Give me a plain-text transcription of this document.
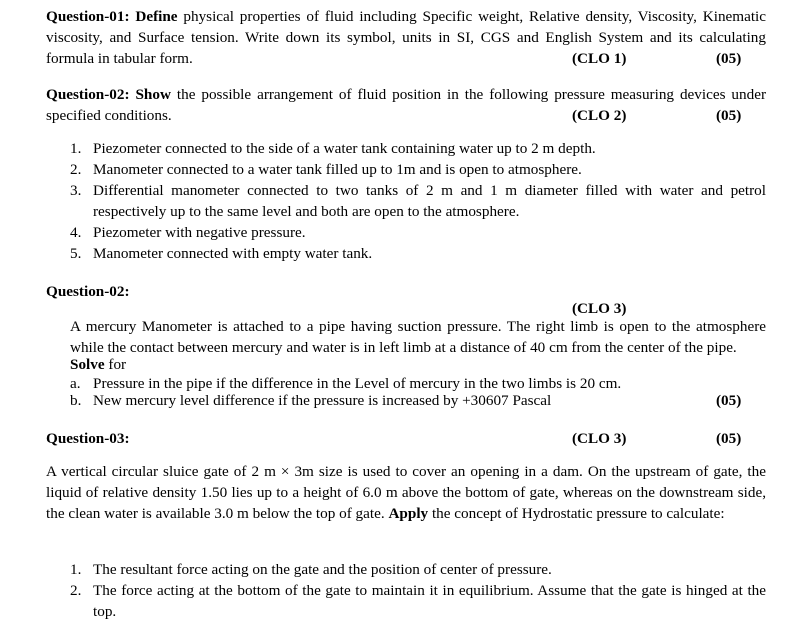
Question-01: Define physical properties of fluid including Specific weight, Relative density, Viscosity, Kinematic viscosity, and Surface tension. Write down its symbol, units in SI, CGS and English System and its calculating formula in tabular form.	(CLO 1)	(05)
Question-02: Show the possible arrangement of fluid position in the following pressure measuring devices under specified conditions.	(CLO 2)	(05)
1. Piezometer connected to the side of a water tank containing water up to 2 m depth.
2. Manometer connected to a water tank filled up to 1m and is open to atmosphere.
3. Differential manometer connected to two tanks of 2 m and 1 m diameter filled with water and petrol respectively up to the same level and both are open to the atmosphere.
4. Piezometer with negative pressure.
5. Manometer connected with empty water tank.
Question-02:
(CLO 3)
A mercury Manometer is attached to a pipe having suction pressure. The right limb is open to the atmosphere while the contact between mercury and water is in left limb at a distance of 40 cm from the center of the pipe.
Solve for
a. Pressure in the pipe if the difference in the Level of mercury in the two limbs is 20 cm.
b. New mercury level difference if the pressure is increased by +30607 Pascal	(05)
Question-03:	(CLO 3)	(05)
A vertical circular sluice gate of 2 m × 3m size is used to cover an opening in a dam. On the upstream of gate, the liquid of relative density 1.50 lies up to a height of 6.0 m above the bottom of gate, whereas on the downstream side, the clean water is available 3.0 m below the top of gate. Apply the concept of Hydrostatic pressure to calculate:
1. The resultant force acting on the gate and the position of center of pressure.
2. The force acting at the bottom of the gate to maintain it in equilibrium. Assume that the gate is hinged at the top.
